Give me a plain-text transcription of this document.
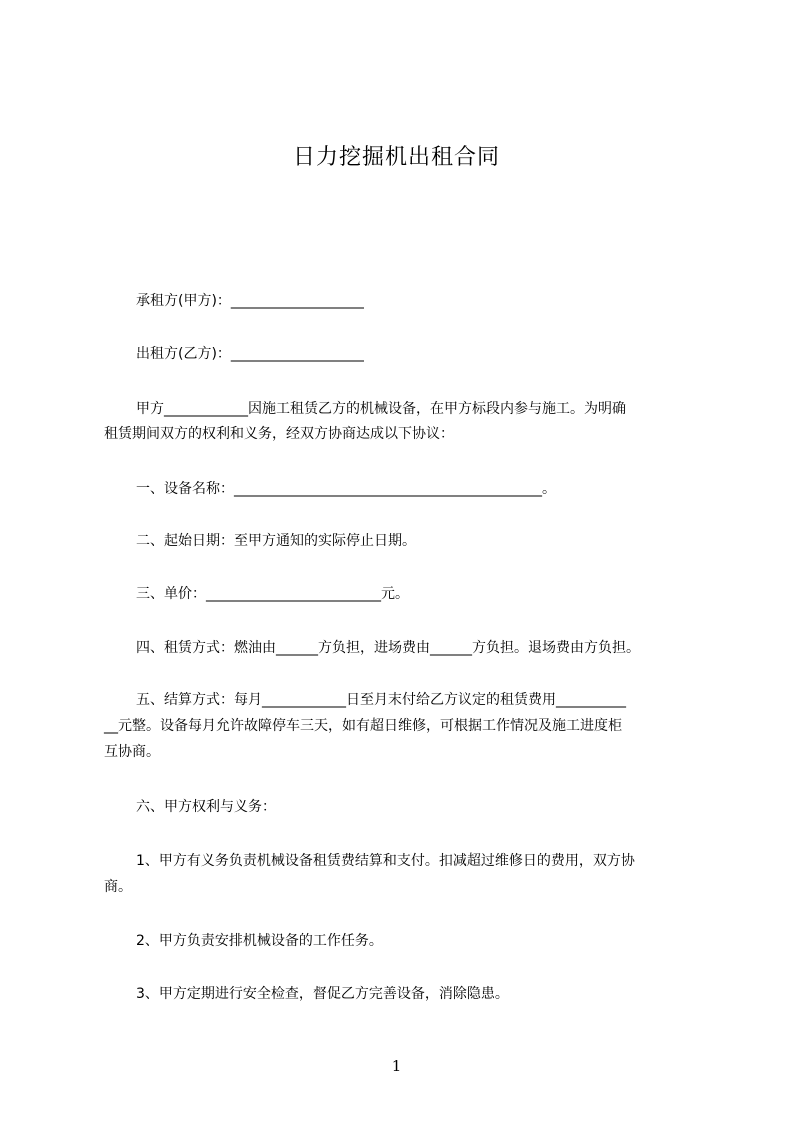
日力挖掘机出租合同
承租方(甲方)：___________________
出租方(乙方)：___________________
甲方____________因施工租赁乙方的机械设备，在甲方标段内参与施工。为明确
租赁期间双方的权利和义务，经双方协商达成以下协议：
一、设备名称：____________________________________________。
二、起始日期：至甲方通知的实际停止日期。
三、单价：_________________________元。
四、租赁方式：燃油由______方负担，进场费由______方负担。退场费由方负担。
五、结算方式：每月____________日至月末付给乙方议定的租赁费用__________
__元整。设备每月允许故障停车三天，如有超日维修，可根据工作情况及施工进度柜
互协商。
六、甲方权利与义务：
1、甲方有义务负责机械设备租赁费结算和支付。扣减超过维修日的费用，双方协
商。
2、甲方负责安排机械设备的工作任务。
3、甲方定期进行安全检查，督促乙方完善设备，消除隐患。
1
